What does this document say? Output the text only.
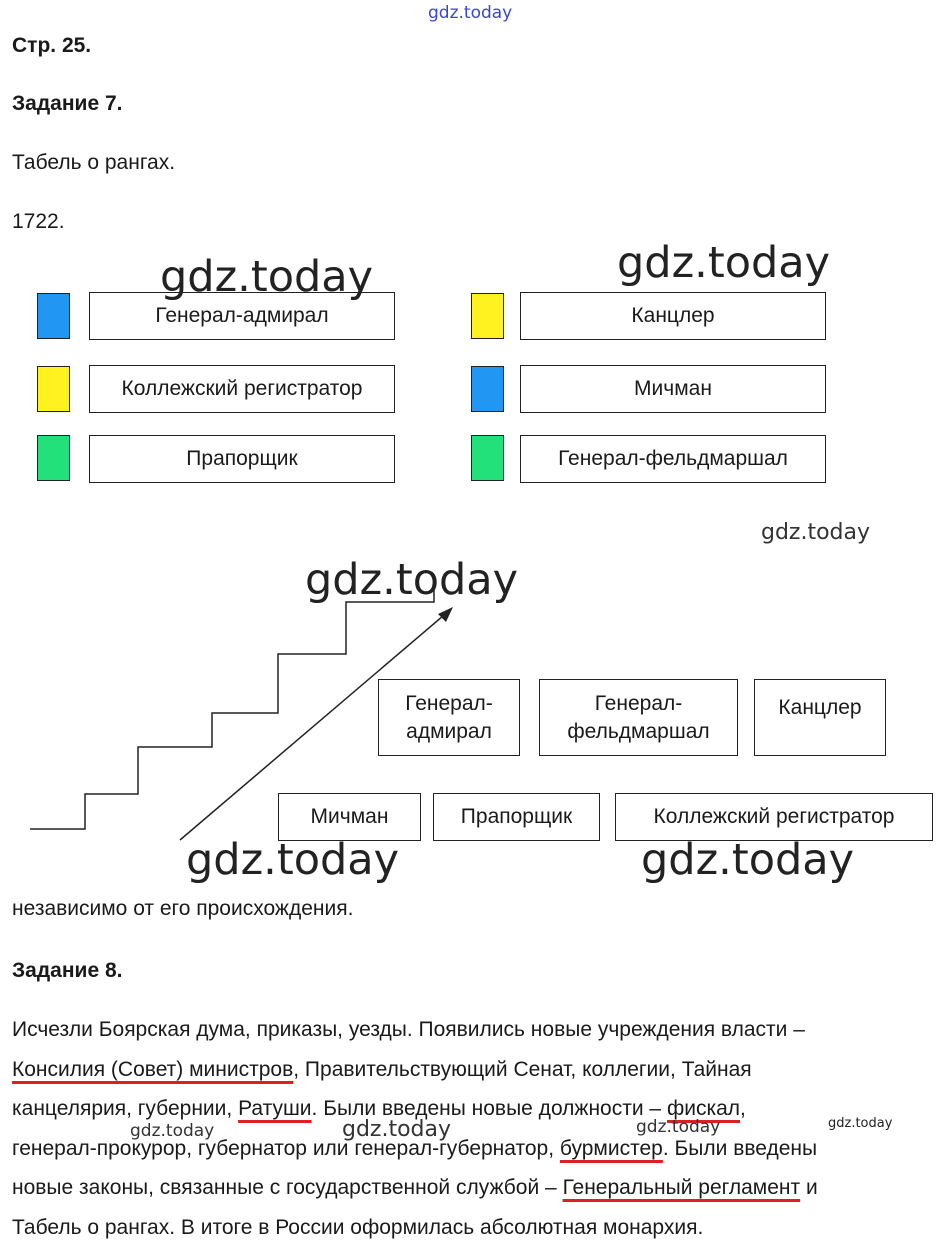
gdz.today
Стр. 25.
Задание 7.
Табель о рангах.
1722.
Генерал-адмирал
Коллежский регистратор
Прапорщик
Канцлер
Мичман
Генерал-фельдмаршал
gdz.today	gdz.today
gdz.today
gdz.today
Генерал-
адмирал
Генерал-
фельдмаршал
Канцлер
Мичман	Прапорщик	Коллежский регистратор
gdz.today	gdz.today
независимо от его происхождения.
Задание 8.
Исчезли Боярская дума, приказы, уезды. Появились новые учреждения власти –
Консилия (Совет) министров, Правительствующий Сенат, коллегии, Тайная
канцелярия, губернии, Ратуши. Были введены новые должности – фискал,
генерал-прокурор, губернатор или генерал-губернатор, бурмистер. Были введены
новые законы, связанные с государственной службой – Генеральный регламент и
Табель о рангах. В итоге в России оформилась абсолютная монархия.
gdz.today	gdz.today	gdz.today	gdz.today
